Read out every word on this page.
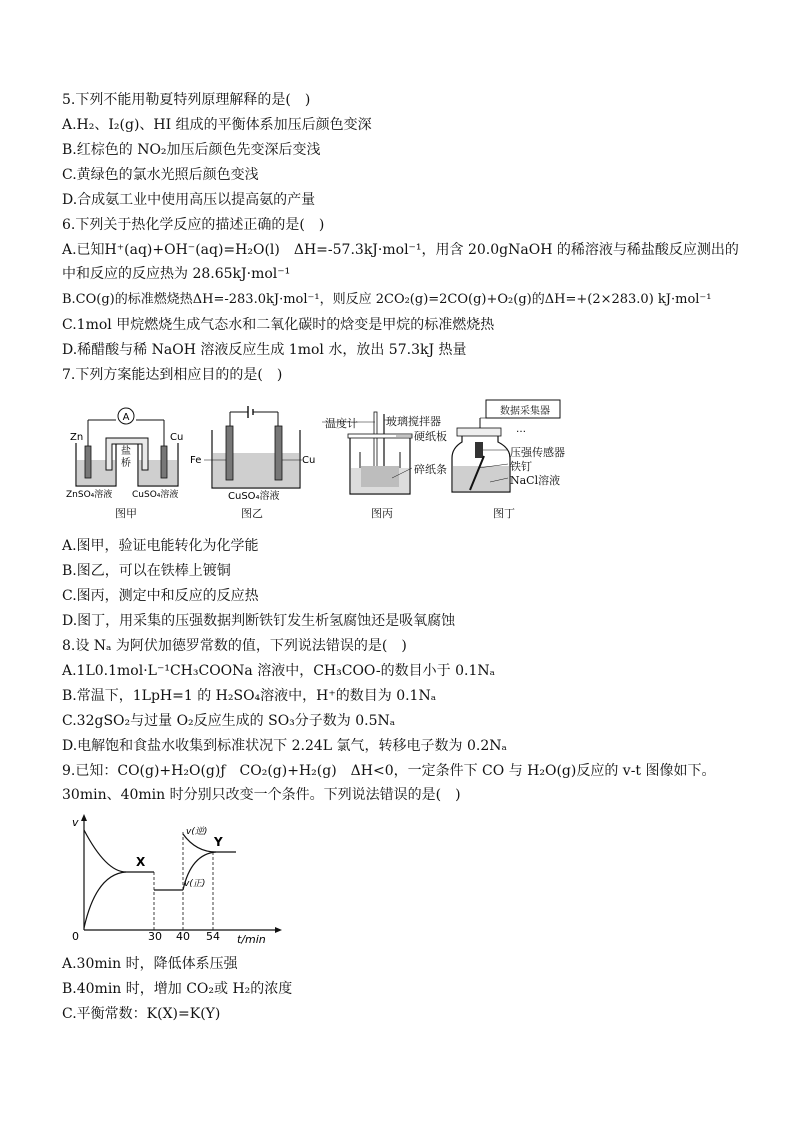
5.下列不能用勒夏特列原理解释的是(　)
A.H₂、I₂(g)、HI 组成的平衡体系加压后颜色变深
B.红棕色的 NO₂加压后颜色先变深后变浅
C.黄绿色的氯水光照后颜色变浅
D.合成氨工业中使用高压以提高氨的产量
6.下列关于热化学反应的描述正确的是(　)
A.已知H⁺(aq)+OH⁻(aq)=H₂O(l)　ΔH=-57.3kJ·mol⁻¹，用含 20.0gNaOH 的稀溶液与稀盐酸反应测出的中和反应的反应热为 28.65kJ·mol⁻¹
B.CO(g)的标准燃烧热ΔH=-283.0kJ·mol⁻¹，则反应 2CO₂(g)=2CO(g)+O₂(g)的ΔH=+(2×283.0) kJ·mol⁻¹
C.1mol 甲烷燃烧生成气态水和二氧化碳时的焓变是甲烷的标准燃烧热
D.稀醋酸与稀 NaOH 溶液反应生成 1mol 水，放出 57.3kJ 热量
7.下列方案能达到相应目的的是(　)
A
Zn	Cu
盐
桥
ZnSO₄溶液 CuSO₄溶液
图甲
Fe	Cu
CuSO₄溶液
图乙
温度计	玻璃搅拌器
硬纸板
碎纸条
图丙
…
数据采集器
压强传感器
铁钉
NaCl溶液
图丁
A.图甲，验证电能转化为化学能
B.图乙，可以在铁棒上镀铜
C.图丙，测定中和反应的反应热
D.图丁，用采集的压强数据判断铁钉发生析氢腐蚀还是吸氧腐蚀
8.设 Nₐ 为阿伏加德罗常数的值，下列说法错误的是(　)
A.1L0.1mol·L⁻¹CH₃COONa 溶液中，CH₃COO-的数目小于 0.1Nₐ
B.常温下，1LpH=1 的 H₂SO₄溶液中，H⁺的数目为 0.1Nₐ
C.32gSO₂与过量 O₂反应生成的 SO₃分子数为 0.5Nₐ
D.电解饱和食盐水收集到标准状况下 2.24L 氯气，转移电子数为 0.2Nₐ
9.已知：CO(g)+H₂O(g)ƒ　CO₂(g)+H₂(g)　ΔH<0，一定条件下 CO 与 H₂O(g)反应的 v-t 图像如下。30min、40min 时分别只改变一个条件。下列说法错误的是(　)
v
t/min
0	30 40 54
X
Y
v(逆)
v(正)
A.30min 时，降低体系压强
B.40min 时，增加 CO₂或 H₂的浓度
C.平衡常数：K(X)=K(Y)
